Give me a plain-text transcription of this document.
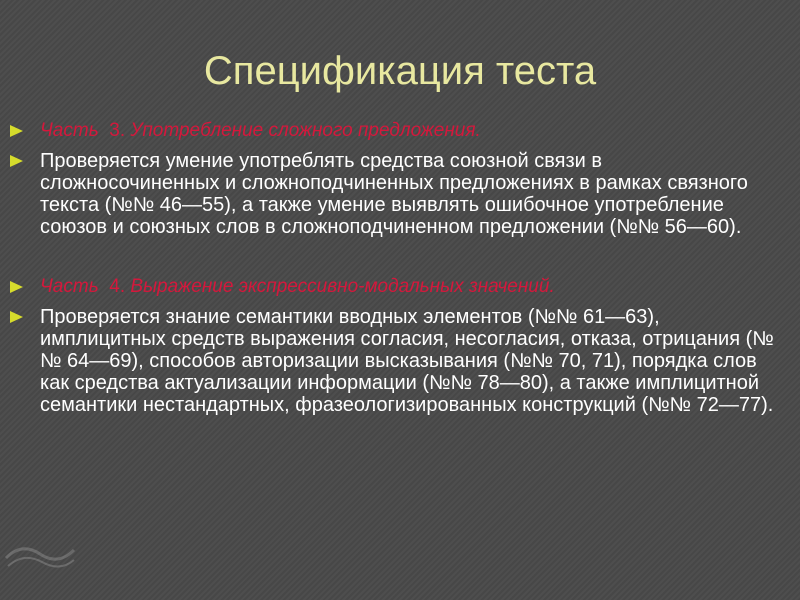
Спецификация теста
Часть 3. Употребление сложного предложения.
Проверяется умение употреблять средства союзной связи в сложносочиненных и сложноподчиненных предложениях в рамках связного текста (№№ 46—55), а также умение выявлять ошибочное употребление союзов и союзных слов в сложноподчиненном предложении (№№ 56—60).
Часть 4. Выражение экспрессивно-модальных значений.
Проверяется знание семантики вводных элементов (№№ 61—63), имплицитных средств выражения согласия, несогласия, отказа, отрицания (№№ 64—69), способов авторизации высказывания (№№ 70, 71), порядка слов как средства актуализации информации (№№ 78—80), а также имплицитной семантики нестандартных, фразеологизированных конструкций (№№ 72—77).
